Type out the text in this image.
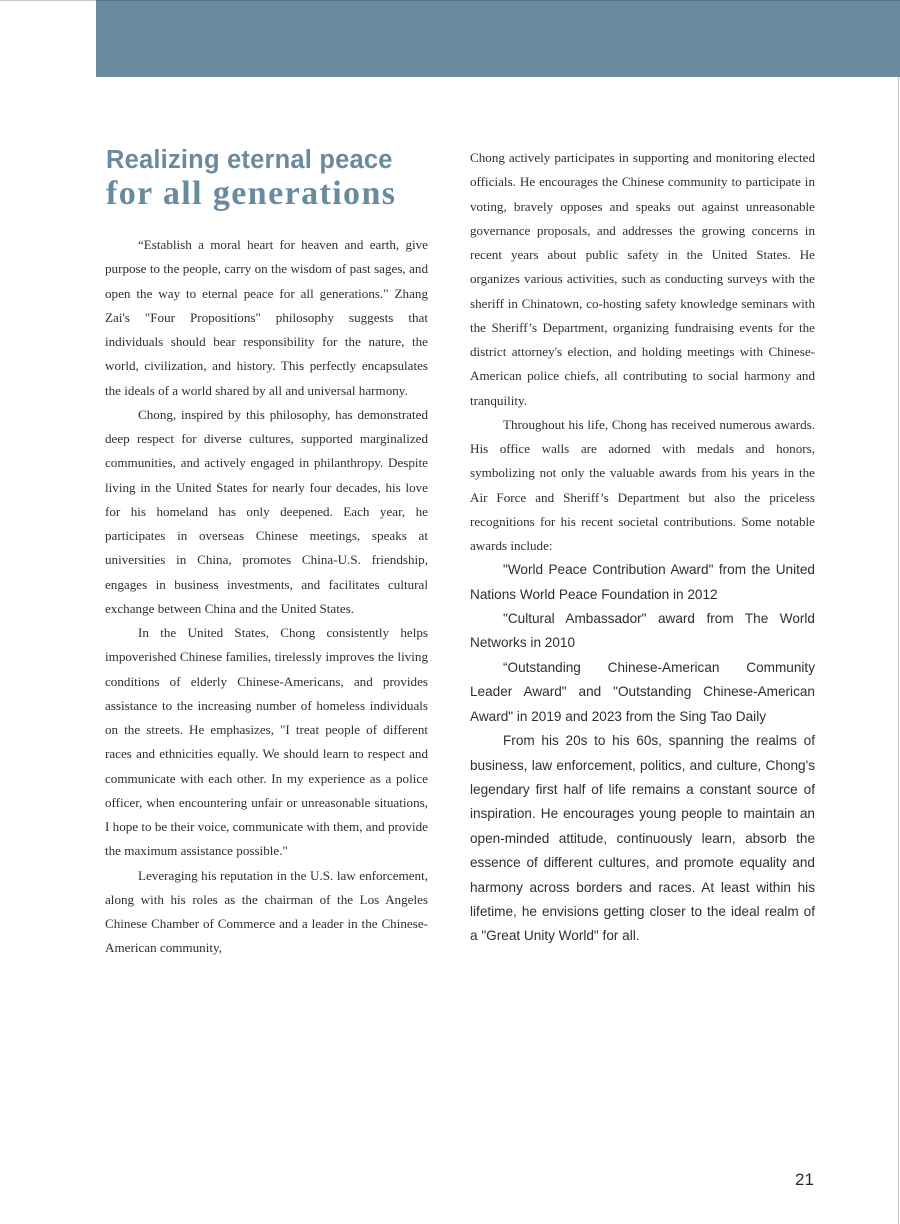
Realizing eternal peace
for all generations

“Establish a moral heart for heaven and earth, give purpose to the people, carry on the wisdom of past sages, and open the way to eternal peace for all generations." Zhang Zai's "Four Propositions" philosophy suggests that individuals should bear responsibility for the nature, the world, civilization, and history. This perfectly encapsulates the ideals of a world shared by all and universal harmony.

Chong, inspired by this philosophy, has demonstrated deep respect for diverse cultures, supported marginalized communities, and actively engaged in philanthropy. Despite living in the United States for nearly four decades, his love for his homeland has only deepened. Each year, he participates in overseas Chinese meetings, speaks at universities in China, promotes China-U.S. friendship, engages in business investments, and facilitates cultural exchange between China and the United States.

In the United States, Chong consistently helps impoverished Chinese families, tirelessly improves the living conditions of elderly Chinese-Americans, and provides assistance to the increasing number of homeless individuals on the streets. He emphasizes, "I treat people of different races and ethnicities equally. We should learn to respect and communicate with each other. In my experience as a police officer, when encountering unfair or unreasonable situations, I hope to be their voice, communicate with them, and provide the maximum assistance possible."

Leveraging his reputation in the U.S. law enforcement, along with his roles as the chairman of the Los Angeles Chinese Chamber of Commerce and a leader in the Chinese-American community,

Chong actively participates in supporting and monitoring elected officials. He encourages the Chinese community to participate in voting, bravely opposes and speaks out against unreasonable governance proposals, and addresses the growing concerns in recent years about public safety in the United States. He organizes various activities, such as conducting surveys with the sheriff in Chinatown, co-hosting safety knowledge seminars with the Sheriff’s Department, organizing fundraising events for the district attorney's election, and holding meetings with Chinese-American police chiefs, all contributing to social harmony and tranquility.

Throughout his life, Chong has received numerous awards. His office walls are adorned with medals and honors, symbolizing not only the valuable awards from his years in the Air Force and Sheriff’s Department but also the priceless recognitions for his recent societal contributions. Some notable awards include:

"World Peace Contribution Award" from the United Nations World Peace Foundation in 2012

"Cultural Ambassador" award from The World Networks in 2010

“Outstanding Chinese-American Community Leader Award" and "Outstanding Chinese-American Award" in 2019 and 2023 from the Sing Tao Daily

From his 20s to his 60s, spanning the realms of business, law enforcement, politics, and culture, Chong's legendary first half of life remains a constant source of inspiration. He encourages young people to maintain an open-minded attitude, continuously learn, absorb the essence of different cultures, and promote equality and harmony across borders and races. At least within his lifetime, he envisions getting closer to the ideal realm of a "Great Unity World" for all.

21
